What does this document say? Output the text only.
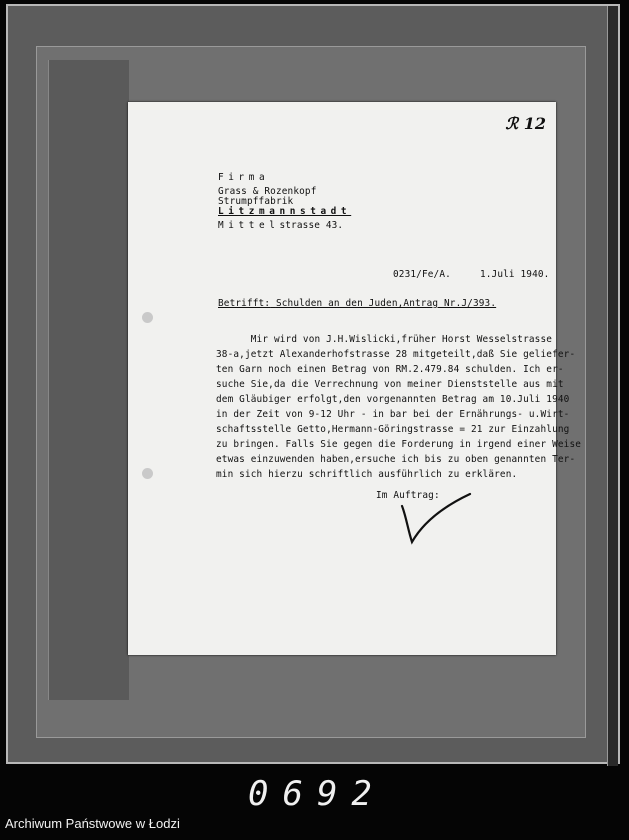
ℛ 12
Firma
Grass & Rozenkopf
Strumpffabrik
Litzmannstadt
Mittelstrasse 43.
0231/Fe/A.	1.Juli 1940.
Betrifft: Schulden an den Juden,Antrag Nr.J/393.
Mir wird von J.H.Wislicki,früher Horst Wesselstrasse
38-a,jetzt Alexanderhofstrasse 28 mitgeteilt,daß Sie geliefer-
ten Garn noch einen Betrag von RM.2.479.84 schulden. Ich er-
suche Sie,da die Verrechnung von meiner Dienststelle aus mit
dem Gläubiger erfolgt,den vorgenannten Betrag am 10.Juli 1940
in der Zeit von 9-12 Uhr - in bar bei der Ernährungs- u.Wirt-
schaftsstelle Getto,Hermann-Göringstrasse = 21 zur Einzahlung
zu bringen. Falls Sie gegen die Forderung in irgend einer Weise
etwas einzuwenden haben,ersuche ich bis zu oben genannten Ter-
min sich hierzu schriftlich ausführlich zu erklären.
Im Auftrag:
0692
Archiwum Państwowe w Łodzi
